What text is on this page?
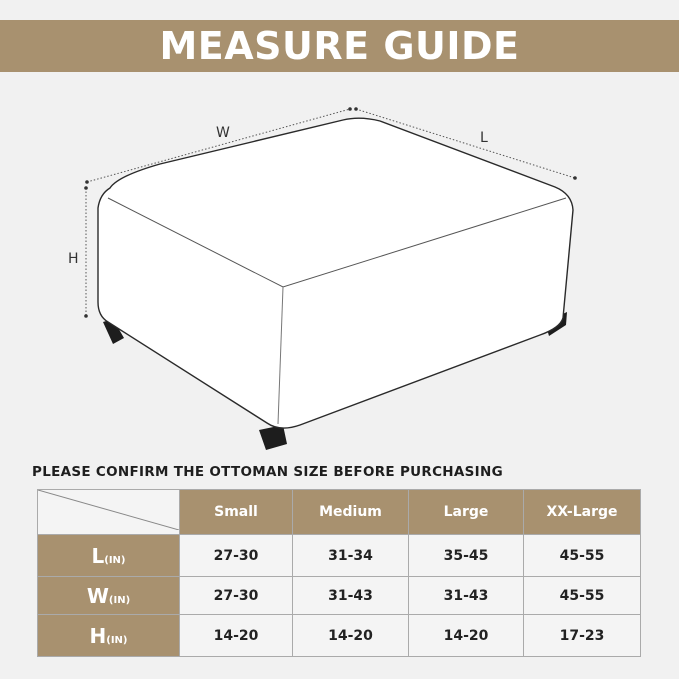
MEASURE GUIDE
W	L
H
PLEASE CONFIRM THE OTTOMAN SIZE BEFORE PURCHASING
	Small	Medium	Large	XX-Large
L(IN)	27-30	31-34	35-45	45-55
W(IN)	27-30	31-43	31-43	45-55
H(IN)	14-20	14-20	14-20	17-23
